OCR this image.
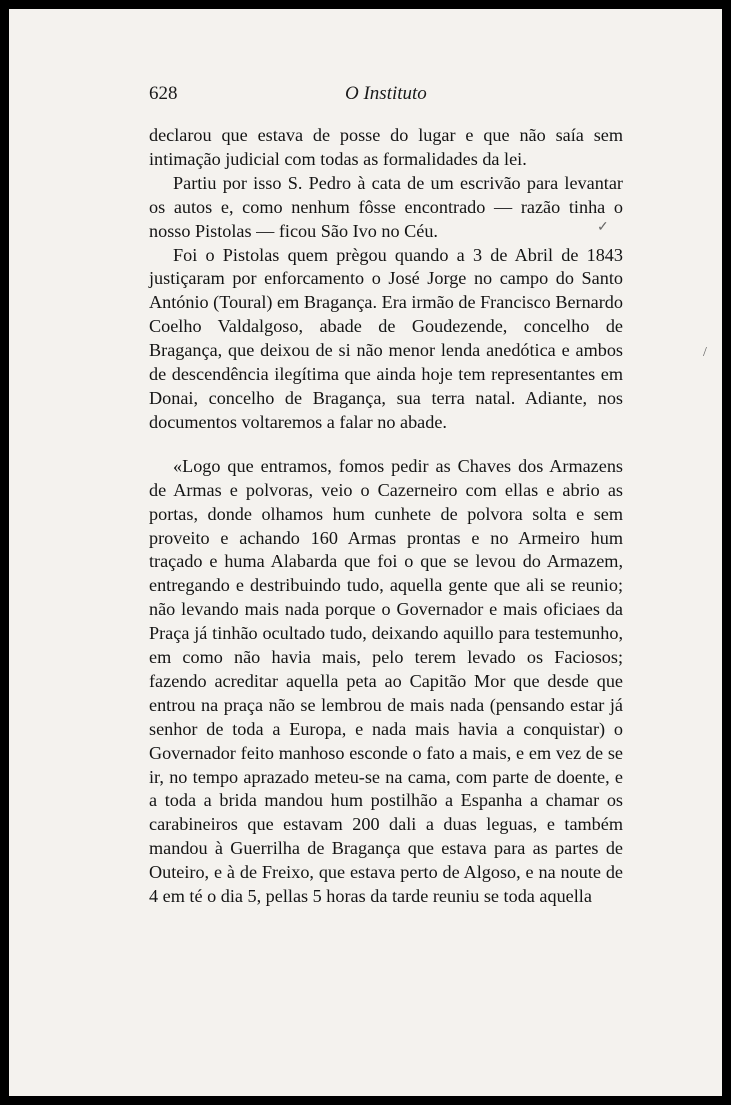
628	O Instituto

declarou que estava de posse do lugar e que não saía sem intimação judicial com todas as formalidades da lei.

Partiu por isso S. Pedro à cata de um escrivão para levantar os autos e, como nenhum fôsse encontrado — razão tinha o nosso Pistolas — ficou São Ivo no Céu.

Foi o Pistolas quem prègou quando a 3 de Abril de 1843 justiçaram por enforcamento o José Jorge no campo do Santo António (Toural) em Bragança. Era irmão de Francisco Bernardo Coelho Valdalgoso, abade de Goudezende, concelho de Bragança, que deixou de si não menor lenda anedótica e ambos de descendência ilegítima que ainda hoje tem representantes em Donai, concelho de Bragança, sua terra natal. Adiante, nos documentos voltaremos a falar no abade.

«Logo que entramos, fomos pedir as Chaves dos Armazens de Armas e polvoras, veio o Cazerneiro com ellas e abrio as portas, donde olhamos hum cunhete de polvora solta e sem proveito e achando 160 Armas prontas e no Armeiro hum traçado e huma Alabarda que foi o que se levou do Armazem, entregando e destribuindo tudo, aquella gente que ali se reunio; não levando mais nada porque o Governador e mais oficiaes da Praça já tinhão ocultado tudo, deixando aquillo para testemunho, em como não havia mais, pelo terem levado os Faciosos; fazendo acreditar aquella peta ao Capitão Mor que desde que entrou na praça não se lembrou de mais nada (pensando estar já senhor de toda a Europa, e nada mais havia a conquistar) o Governador feito manhoso esconde o fato a mais, e em vez de se ir, no tempo aprazado meteu-se na cama, com parte de doente, e a toda a brida mandou hum postilhão a Espanha a chamar os carabineiros que estavam 200 dali a duas leguas, e também mandou à Guerrilha de Bragança que estava para as partes de Outeiro, e à de Freixo, que estava perto de Algoso, e na noute de 4 em té o dia 5, pellas 5 horas da tarde reuniu se toda aquella

✓
/
